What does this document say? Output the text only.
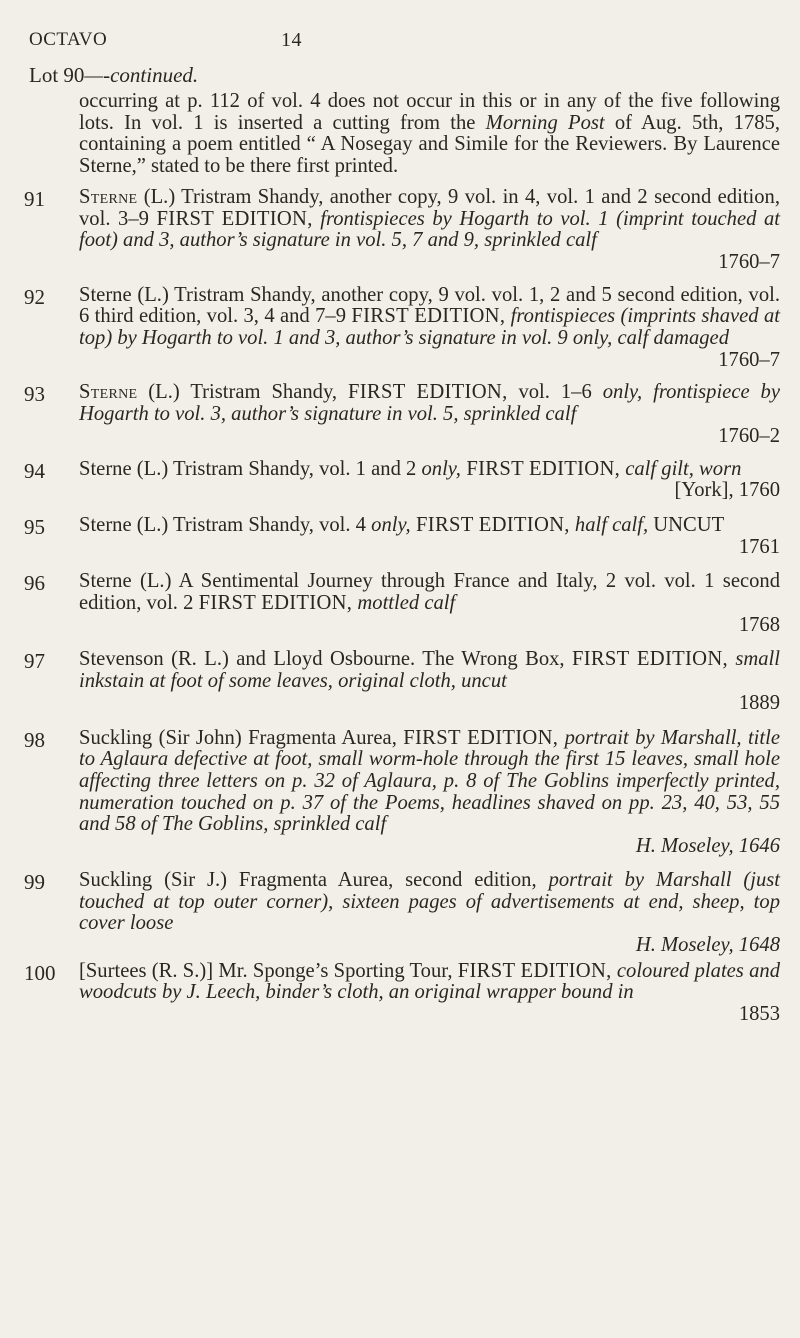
OCTAVO	14
Lot 90—-continued.
occurring at p. 112 of vol. 4 does not occur in this or in any of the five following lots. In vol. 1 is inserted a cutting from the Morning Post of Aug. 5th, 1785, containing a poem entitled “ A Nosegay and Simile for the Reviewers. By Laurence Sterne,” stated to be there first printed.
91	Sterne (L.) Tristram Shandy, another copy, 9 vol. in 4, vol. 1 and 2 second edition, vol. 3–9 FIRST EDITION, frontispieces by Hogarth to vol. 1 (imprint touched at foot) and 3, author’s signature in vol. 5, 7 and 9, sprinkled calf
1760–7
92	Sterne (L.) Tristram Shandy, another copy, 9 vol. vol. 1, 2 and 5 second edition, vol. 6 third edition, vol. 3, 4 and 7–9 FIRST EDITION, frontispieces (imprints shaved at top) by Hogarth to vol. 1 and 3, author’s signature in vol. 9 only, calf damaged
1760–7
93	Sterne (L.) Tristram Shandy, FIRST EDITION, vol. 1–6 only, frontispiece by Hogarth to vol. 3, author’s signature in vol. 5, sprinkled calf
1760–2
94	Sterne (L.) Tristram Shandy, vol. 1 and 2 only, FIRST EDITION, calf gilt, worn
[York], 1760
95	Sterne (L.) Tristram Shandy, vol. 4 only, FIRST EDITION, half calf, UNCUT
1761
96	Sterne (L.) A Sentimental Journey through France and Italy, 2 vol. vol. 1 second edition, vol. 2 FIRST EDITION, mottled calf
1768
97	Stevenson (R. L.) and Lloyd Osbourne. The Wrong Box, FIRST EDITION, small inkstain at foot of some leaves, original cloth, uncut
1889
98	Suckling (Sir John) Fragmenta Aurea, FIRST EDITION, portrait by Marshall, title to Aglaura defective at foot, small worm-hole through the first 15 leaves, small hole affecting three letters on p. 32 of Aglaura, p. 8 of The Goblins imperfectly printed, numeration touched on p. 37 of the Poems, headlines shaved on pp. 23, 40, 53, 55 and 58 of The Goblins, sprinkled calf
H. Moseley, 1646
99	Suckling (Sir J.) Fragmenta Aurea, second edition, portrait by Marshall (just touched at top outer corner), sixteen pages of advertisements at end, sheep, top cover loose
H. Moseley, 1648
100	[Surtees (R. S.)] Mr. Sponge’s Sporting Tour, FIRST EDITION, coloured plates and woodcuts by J. Leech, binder’s cloth, an original wrapper bound in
1853
